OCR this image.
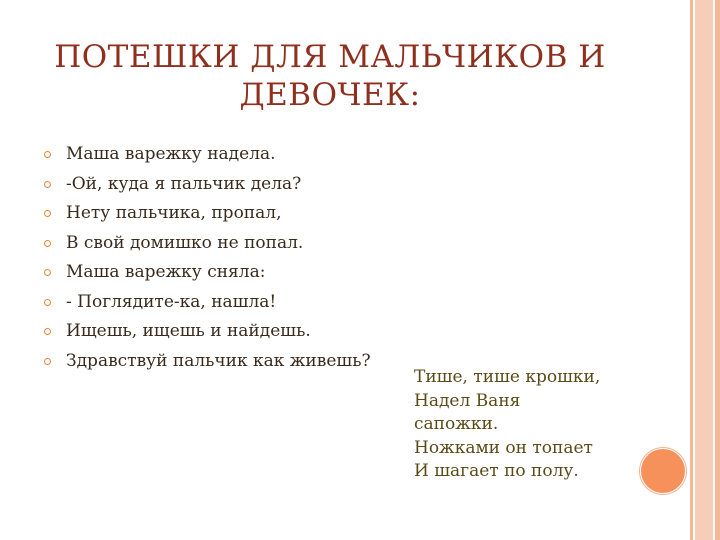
ПОТЕШКИ ДЛЯ МАЛЬЧИКОВ И ДЕВОЧЕК:
Маша варежку надела.
-Ой, куда я пальчик дела?
Нету пальчика, пропал,
В свой домишко не попал.
Маша варежку сняла:
- Поглядите-ка, нашла!
Ищешь, ищешь и найдешь.
Здравствуй пальчик как живешь?
Тише, тише крошки,
Надел Ваня
сапожки.
Ножками он топает
И шагает по полу.
